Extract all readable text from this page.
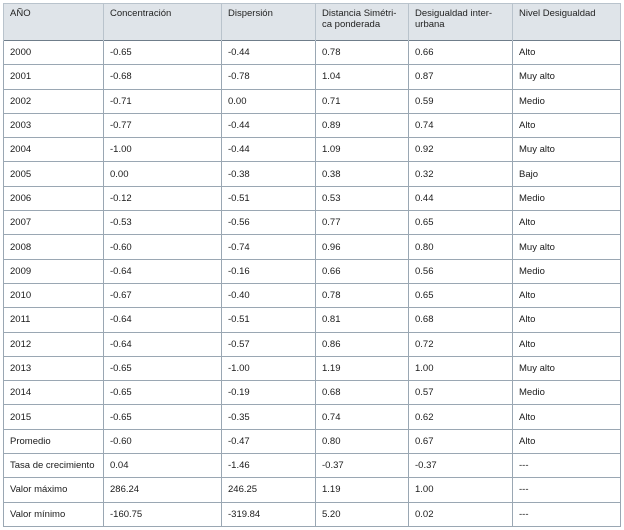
AÑO	Concentración	Dispersión	Distancia Simétri-ca ponderada	Desigualdad inter-urbana	Nivel Desigualdad
2000	-0.65	-0.44	0.78	0.66	Alto
2001	-0.68	-0.78	1.04	0.87	Muy alto
2002	-0.71	0.00	0.71	0.59	Medio
2003	-0.77	-0.44	0.89	0.74	Alto
2004	-1.00	-0.44	1.09	0.92	Muy alto
2005	0.00	-0.38	0.38	0.32	Bajo
2006	-0.12	-0.51	0.53	0.44	Medio
2007	-0.53	-0.56	0.77	0.65	Alto
2008	-0.60	-0.74	0.96	0.80	Muy alto
2009	-0.64	-0.16	0.66	0.56	Medio
2010	-0.67	-0.40	0.78	0.65	Alto
2011	-0.64	-0.51	0.81	0.68	Alto
2012	-0.64	-0.57	0.86	0.72	Alto
2013	-0.65	-1.00	1.19	1.00	Muy alto
2014	-0.65	-0.19	0.68	0.57	Medio
2015	-0.65	-0.35	0.74	0.62	Alto
Promedio	-0.60	-0.47	0.80	0.67	Alto
Tasa de crecimiento	0.04	-1.46	-0.37	-0.37	---
Valor máximo	286.24	246.25	1.19	1.00	---
Valor mínimo	-160.75	-319.84	5.20	0.02	---
